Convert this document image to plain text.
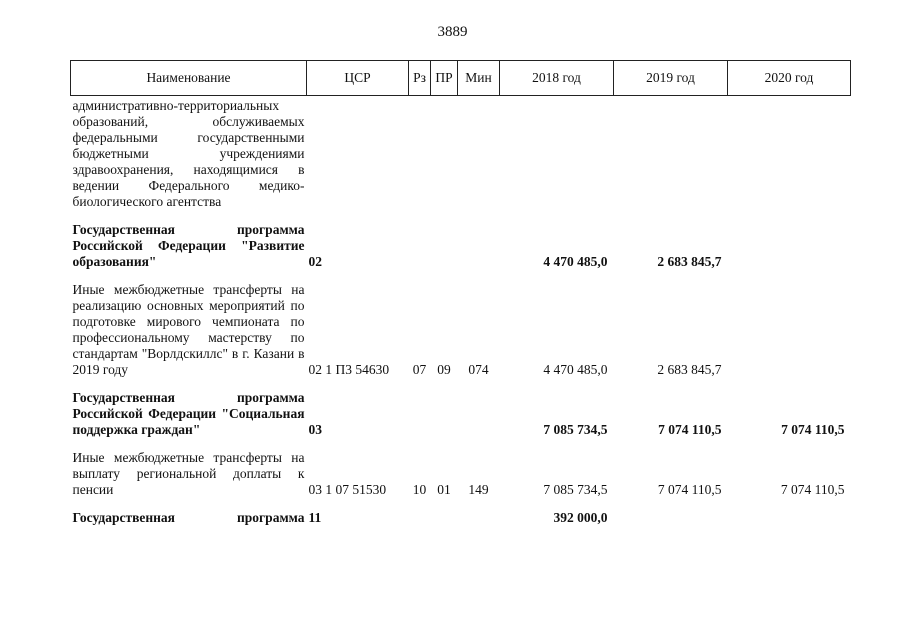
3889
Наименование	ЦСР	Рз	ПР	Мин	2018 год	2019 год	2020 год
административно-территориальных образований, обслуживаемых федеральными государственными бюджетными учреждениями здравоохранения, находящимися в ведении Федерального медико-биологического агентства							

Государственная программа Российской Федерации "Развитие образования"	02				4 470 485,0	2 683 845,7	

Иные межбюджетные трансферты на реализацию основных мероприятий по подготовке мирового чемпионата по профессиональному мастерству по стандартам "Ворлдскиллс" в г. Казани в 2019 году	02 1 П3 54630	07	09	074	4 470 485,0	2 683 845,7	

Государственная программа Российской Федерации "Социальная поддержка граждан"	03				7 085 734,5	7 074 110,5	7 074 110,5

Иные межбюджетные трансферты на выплату региональной доплаты к пенсии	03 1 07 51530	10	01	149	7 085 734,5	7 074 110,5	7 074 110,5

Государственная программа	11				392 000,0		
